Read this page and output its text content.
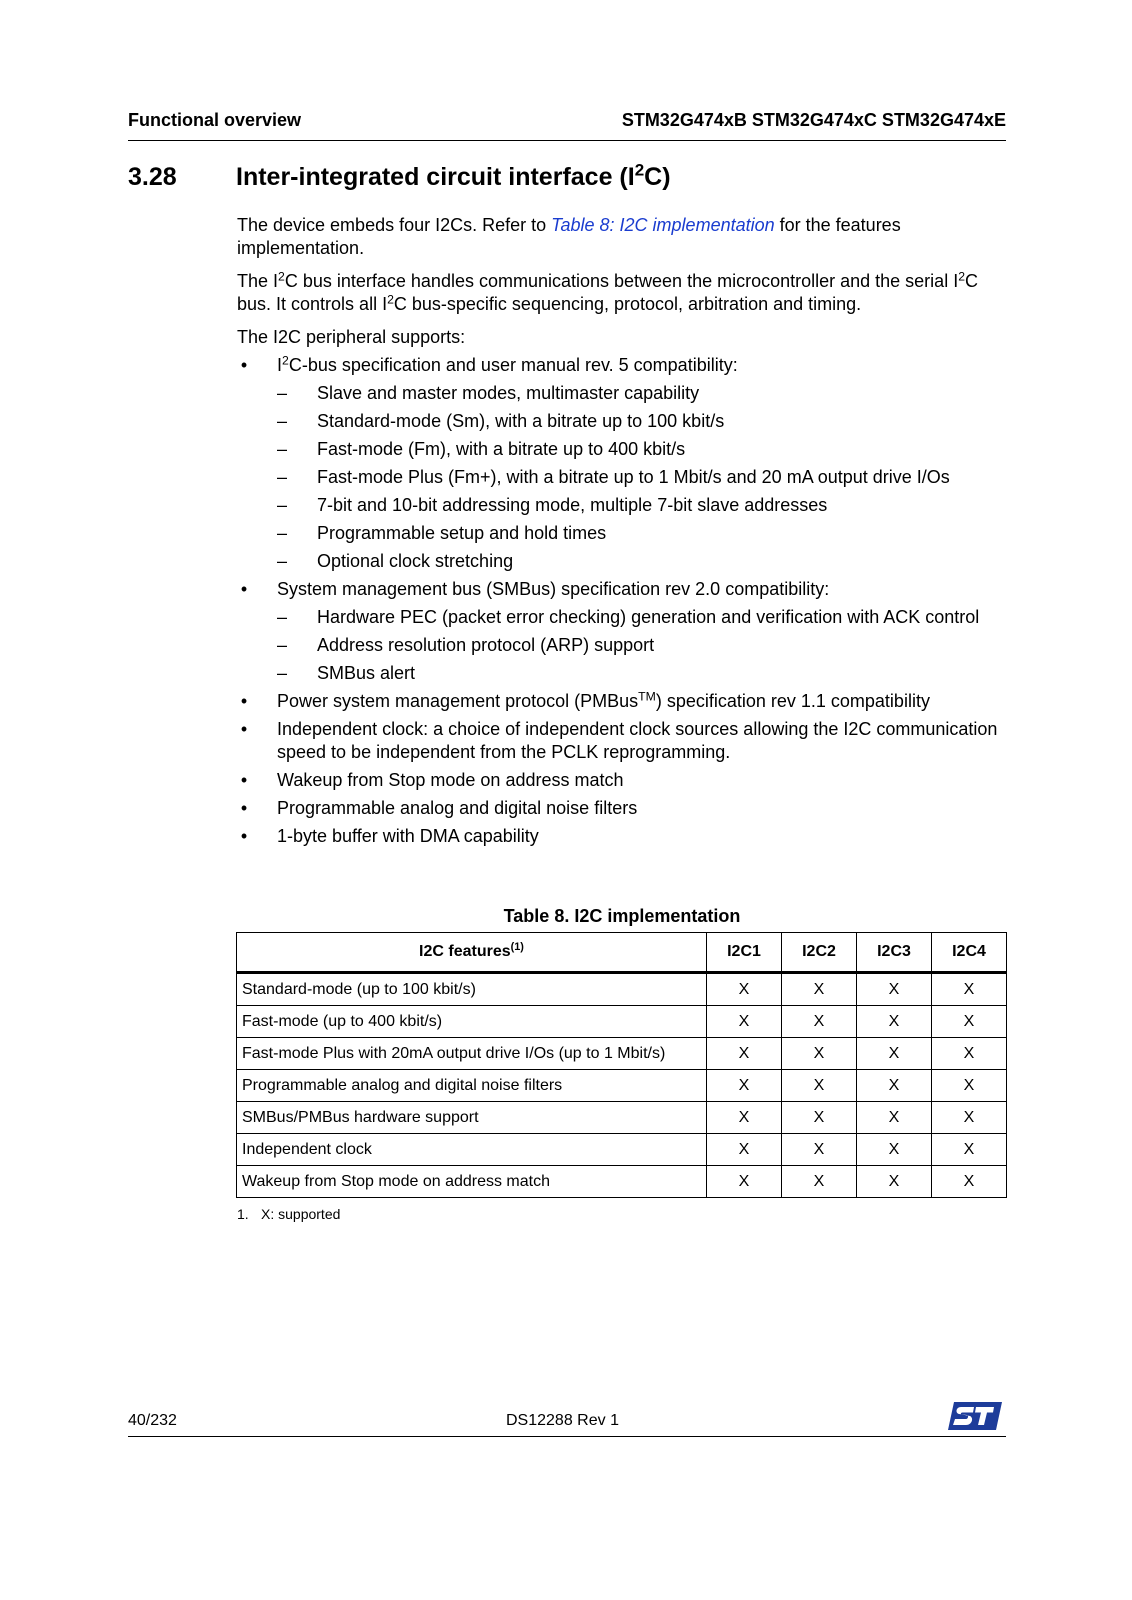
Functional overview	STM32G474xB STM32G474xC STM32G474xE
3.28 Inter-integrated circuit interface $(I^2C)$

The device embeds four I2Cs. Refer to Table 8: I2C implementation for the features implementation.

The $I^2C$ bus interface handles communications between the microcontroller and the serial $I^2C$ bus. It controls all $I^2C$ bus-specific sequencing, protocol, arbitration and timing.

The I2C peripheral supports:

• $I^2C$-bus specification and user manual rev. 5 compatibility:
– Slave and master modes, multimaster capability
– Standard-mode (Sm), with a bitrate up to 100 kbit/s
– Fast-mode (Fm), with a bitrate up to 400 kbit/s
– Fast-mode Plus (Fm+), with a bitrate up to 1 Mbit/s and 20 mA output drive I/Os
– 7-bit and 10-bit addressing mode, multiple 7-bit slave addresses
– Programmable setup and hold times
– Optional clock stretching
• System management bus (SMBus) specification rev 2.0 compatibility:
– Hardware PEC (packet error checking) generation and verification with ACK control
– Address resolution protocol (ARP) support
– SMBus alert
• Power system management protocol (PMBus™) specification rev 1.1 compatibility
• Independent clock: a choice of independent clock sources allowing the I2C communication speed to be independent from the PCLK reprogramming.
• Wakeup from Stop mode on address match
• Programmable analog and digital noise filters
• 1-byte buffer with DMA capability
Table 8. I2C implementation
I2C features$^{(1)}$	I2C1	I2C2	I2C3	I2C4
Standard-mode (up to 100 kbit/s)	X	X	X	X
Fast-mode (up to 400 kbit/s)	X	X	X	X
Fast-mode Plus with 20mA output drive I/Os (up to 1 Mbit/s)	X	X	X	X
Programmable analog and digital noise filters	X	X	X	X
SMBus/PMBus hardware support	X	X	X	X
Independent clock	X	X	X	X
Wakeup from Stop mode on address match	X	X	X	X
1. X: supported
40/232	DS12288 Rev 1
